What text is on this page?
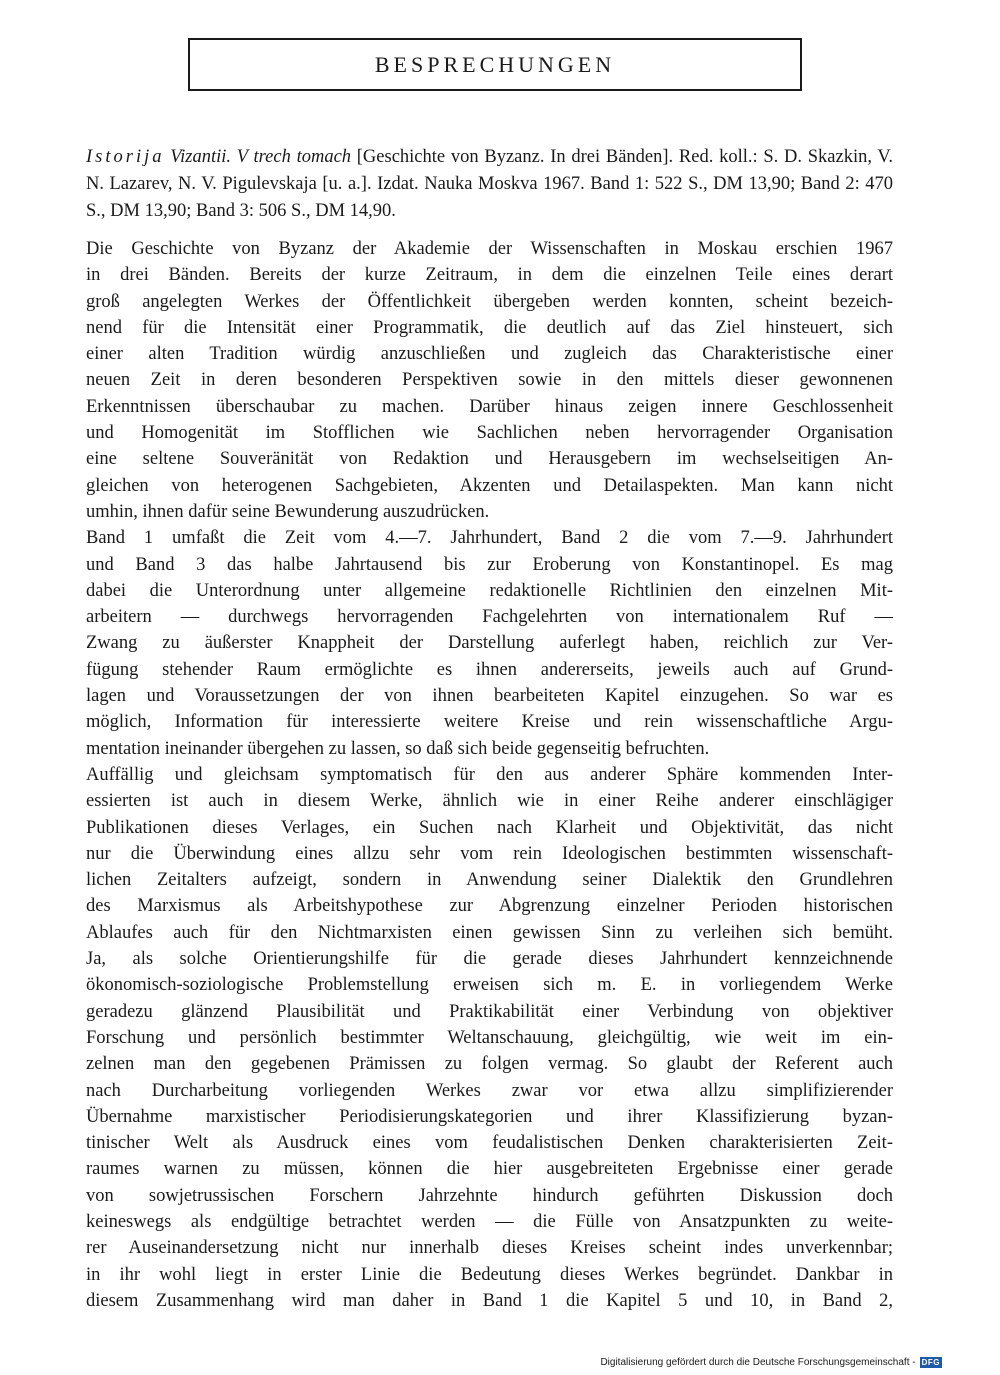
BESPRECHUNGEN
Istorija Vizantii. V trech tomach [Geschichte von Byzanz. In drei Bänden]. Red. koll.: S. D. Skazkin, V. N. Lazarev, N. V. Pigulevskaja [u. a.]. Izdat. Nauka Moskva 1967. Band 1: 522 S., DM 13,90; Band 2: 470 S., DM 13,90; Band 3: 506 S., DM 14,90.
Die Geschichte von Byzanz der Akademie der Wissenschaften in Moskau erschien 1967
in drei Bänden. Bereits der kurze Zeitraum, in dem die einzelnen Teile eines derart
groß angelegten Werkes der Öffentlichkeit übergeben werden konnten, scheint bezeich-
nend für die Intensität einer Programmatik, die deutlich auf das Ziel hinsteuert, sich
einer alten Tradition würdig anzuschließen und zugleich das Charakteristische einer
neuen Zeit in deren besonderen Perspektiven sowie in den mittels dieser gewonnenen
Erkenntnissen überschaubar zu machen. Darüber hinaus zeigen innere Geschlossenheit
und Homogenität im Stofflichen wie Sachlichen neben hervorragender Organisation
eine seltene Souveränität von Redaktion und Herausgebern im wechselseitigen An-
gleichen von heterogenen Sachgebieten, Akzenten und Detailaspekten. Man kann nicht
umhin, ihnen dafür seine Bewunderung auszudrücken.
Band 1 umfaßt die Zeit vom 4.—7. Jahrhundert, Band 2 die vom 7.—9. Jahrhundert
und Band 3 das halbe Jahrtausend bis zur Eroberung von Konstantinopel. Es mag
dabei die Unterordnung unter allgemeine redaktionelle Richtlinien den einzelnen Mit-
arbeitern — durchwegs hervorragenden Fachgelehrten von internationalem Ruf —
Zwang zu äußerster Knappheit der Darstellung auferlegt haben, reichlich zur Ver-
fügung stehender Raum ermöglichte es ihnen andererseits, jeweils auch auf Grund-
lagen und Voraussetzungen der von ihnen bearbeiteten Kapitel einzugehen. So war es
möglich, Information für interessierte weitere Kreise und rein wissenschaftliche Argu-
mentation ineinander übergehen zu lassen, so daß sich beide gegenseitig befruchten.
Auffällig und gleichsam symptomatisch für den aus anderer Sphäre kommenden Inter-
essierten ist auch in diesem Werke, ähnlich wie in einer Reihe anderer einschlägiger
Publikationen dieses Verlages, ein Suchen nach Klarheit und Objektivität, das nicht
nur die Überwindung eines allzu sehr vom rein Ideologischen bestimmten wissenschaft-
lichen Zeitalters aufzeigt, sondern in Anwendung seiner Dialektik den Grundlehren
des Marxismus als Arbeitshypothese zur Abgrenzung einzelner Perioden historischen
Ablaufes auch für den Nichtmarxisten einen gewissen Sinn zu verleihen sich bemüht.
Ja, als solche Orientierungshilfe für die gerade dieses Jahrhundert kennzeichnende
ökonomisch-soziologische Problemstellung erweisen sich m. E. in vorliegendem Werke
geradezu glänzend Plausibilität und Praktikabilität einer Verbindung von objektiver
Forschung und persönlich bestimmter Weltanschauung, gleichgültig, wie weit im ein-
zelnen man den gegebenen Prämissen zu folgen vermag. So glaubt der Referent auch
nach Durcharbeitung vorliegenden Werkes zwar vor etwa allzu simplifizierender
Übernahme marxistischer Periodisierungskategorien und ihrer Klassifizierung byzan-
tinischer Welt als Ausdruck eines vom feudalistischen Denken charakterisierten Zeit-
raumes warnen zu müssen, können die hier ausgebreiteten Ergebnisse einer gerade
von sowjetrussischen Forschern Jahrzehnte hindurch geführten Diskussion doch
keineswegs als endgültige betrachtet werden — die Fülle von Ansatzpunkten zu weite-
rer Auseinandersetzung nicht nur innerhalb dieses Kreises scheint indes unverkennbar;
in ihr wohl liegt in erster Linie die Bedeutung dieses Werkes begründet. Dankbar in
diesem Zusammenhang wird man daher in Band 1 die Kapitel 5 und 10, in Band 2,
Digitalisierung gefördert durch die Deutsche Forschungsgemeinschaft - DFG
